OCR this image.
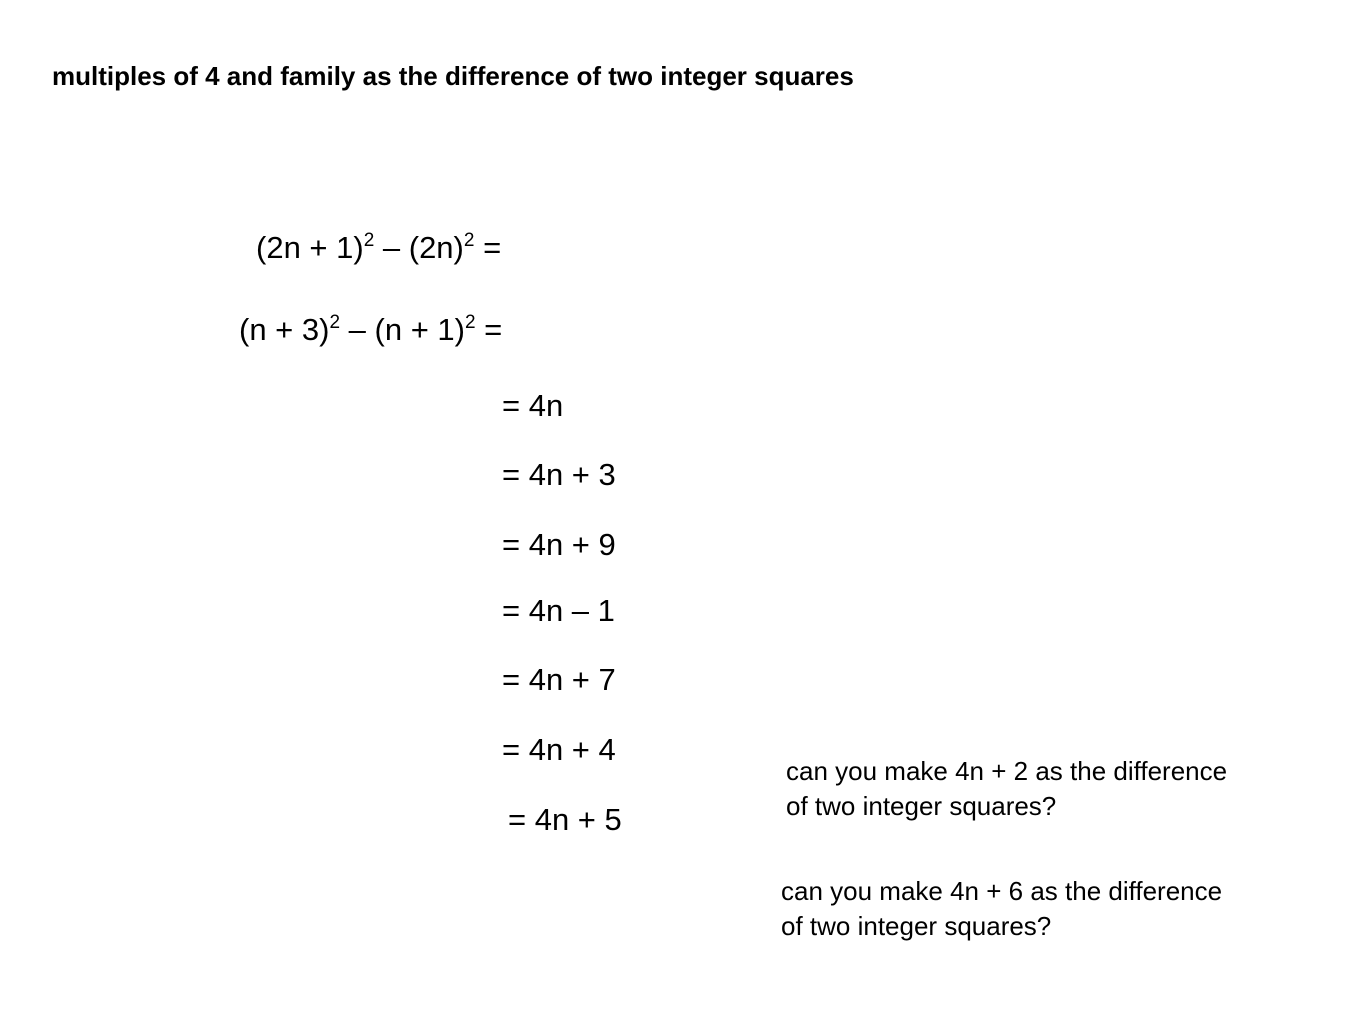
multiples of 4 and family as the difference of two integer squares
$(2n + 1)^2 - (2n)^2$ =
$(n + 3)^2 - (n + 1)^2$ =
= 4n
= 4n + 3
= 4n + 9
= 4n – 1
= 4n + 7
= 4n + 4
= 4n + 5
can you make 4n + 2 as the difference
of two integer squares?
can you make 4n + 6 as the difference
of two integer squares?
